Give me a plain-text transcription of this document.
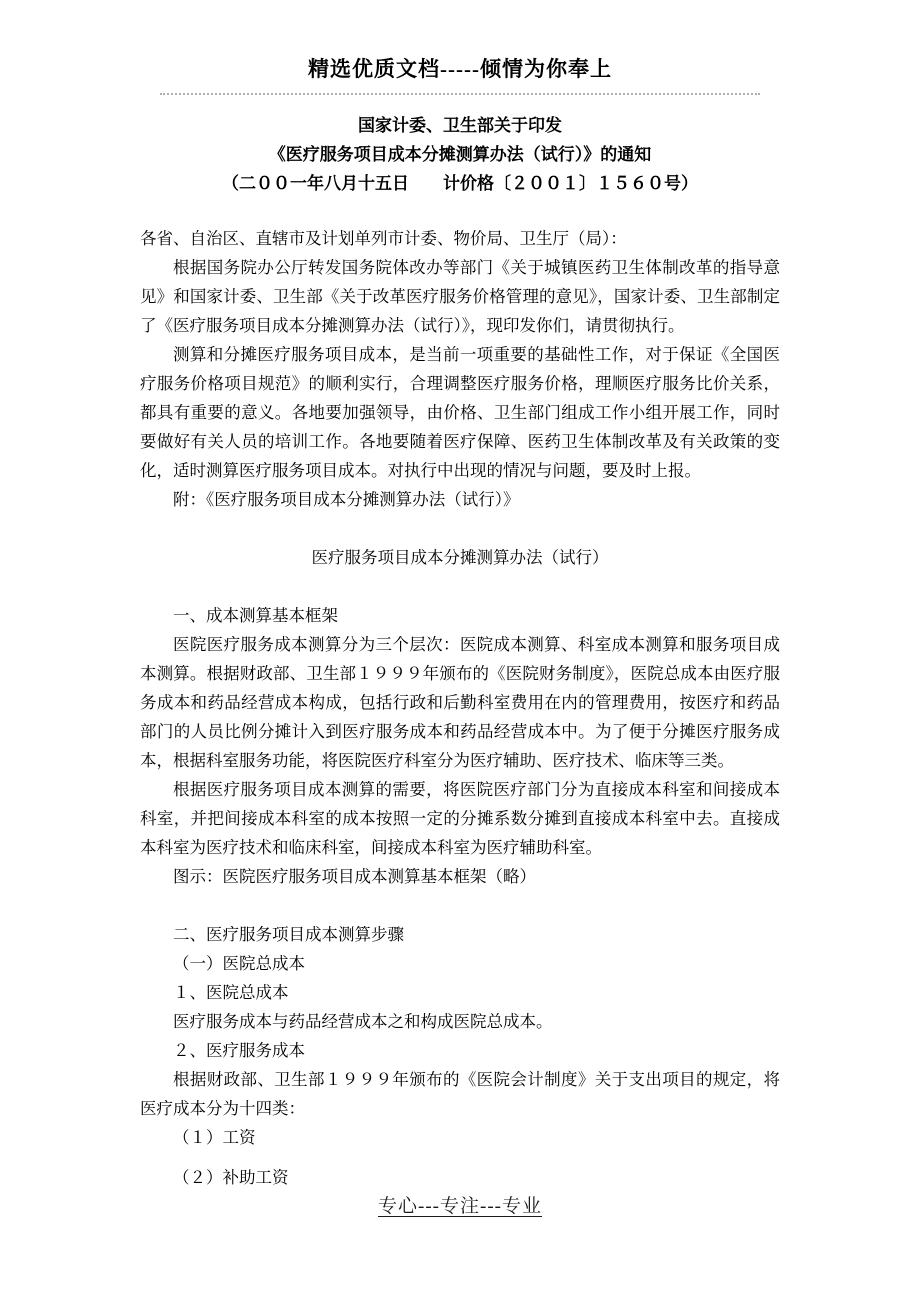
精选优质文档-----倾情为你奉上
国家计委、卫生部关于印发
《医疗服务项目成本分摊测算办法（试行）》的通知
（二００一年八月十五日　　计价格〔２００１〕１５６０号）

各省、自治区、直辖市及计划单列市计委、物价局、卫生厅（局）：

根据国务院办公厅转发国务院体改办等部门《关于城镇医药卫生体制改革的指导意见》和国家计委、卫生部《关于改革医疗服务价格管理的意见》，国家计委、卫生部制定了《医疗服务项目成本分摊测算办法（试行）》，现印发你们，请贯彻执行。

测算和分摊医疗服务项目成本，是当前一项重要的基础性工作，对于保证《全国医疗服务价格项目规范》的顺利实行，合理调整医疗服务价格，理顺医疗服务比价关系，都具有重要的意义。各地要加强领导，由价格、卫生部门组成工作小组开展工作，同时要做好有关人员的培训工作。各地要随着医疗保障、医药卫生体制改革及有关政策的变化，适时测算医疗服务项目成本。对执行中出现的情况与问题，要及时上报。

附：《医疗服务项目成本分摊测算办法（试行）》

医疗服务项目成本分摊测算办法（试行）

一、成本测算基本框架

医院医疗服务成本测算分为三个层次：医院成本测算、科室成本测算和服务项目成本测算。根据财政部、卫生部１９９９年颁布的《医院财务制度》，医院总成本由医疗服务成本和药品经营成本构成，包括行政和后勤科室费用在内的管理费用，按医疗和药品部门的人员比例分摊计入到医疗服务成本和药品经营成本中。为了便于分摊医疗服务成本，根据科室服务功能，将医院医疗科室分为医疗辅助、医疗技术、临床等三类。

根据医疗服务项目成本测算的需要，将医院医疗部门分为直接成本科室和间接成本科室，并把间接成本科室的成本按照一定的分摊系数分摊到直接成本科室中去。直接成本科室为医疗技术和临床科室，间接成本科室为医疗辅助科室。

图示：医院医疗服务项目成本测算基本框架（略）

二、医疗服务项目成本测算步骤

（一）医院总成本

１、医院总成本

医疗服务成本与药品经营成本之和构成医院总成本。

２、医疗服务成本

根据财政部、卫生部１９９９年颁布的《医院会计制度》关于支出项目的规定，将医疗成本分为十四类：

（１）工资

（２）补助工资

专心---专注---专业
